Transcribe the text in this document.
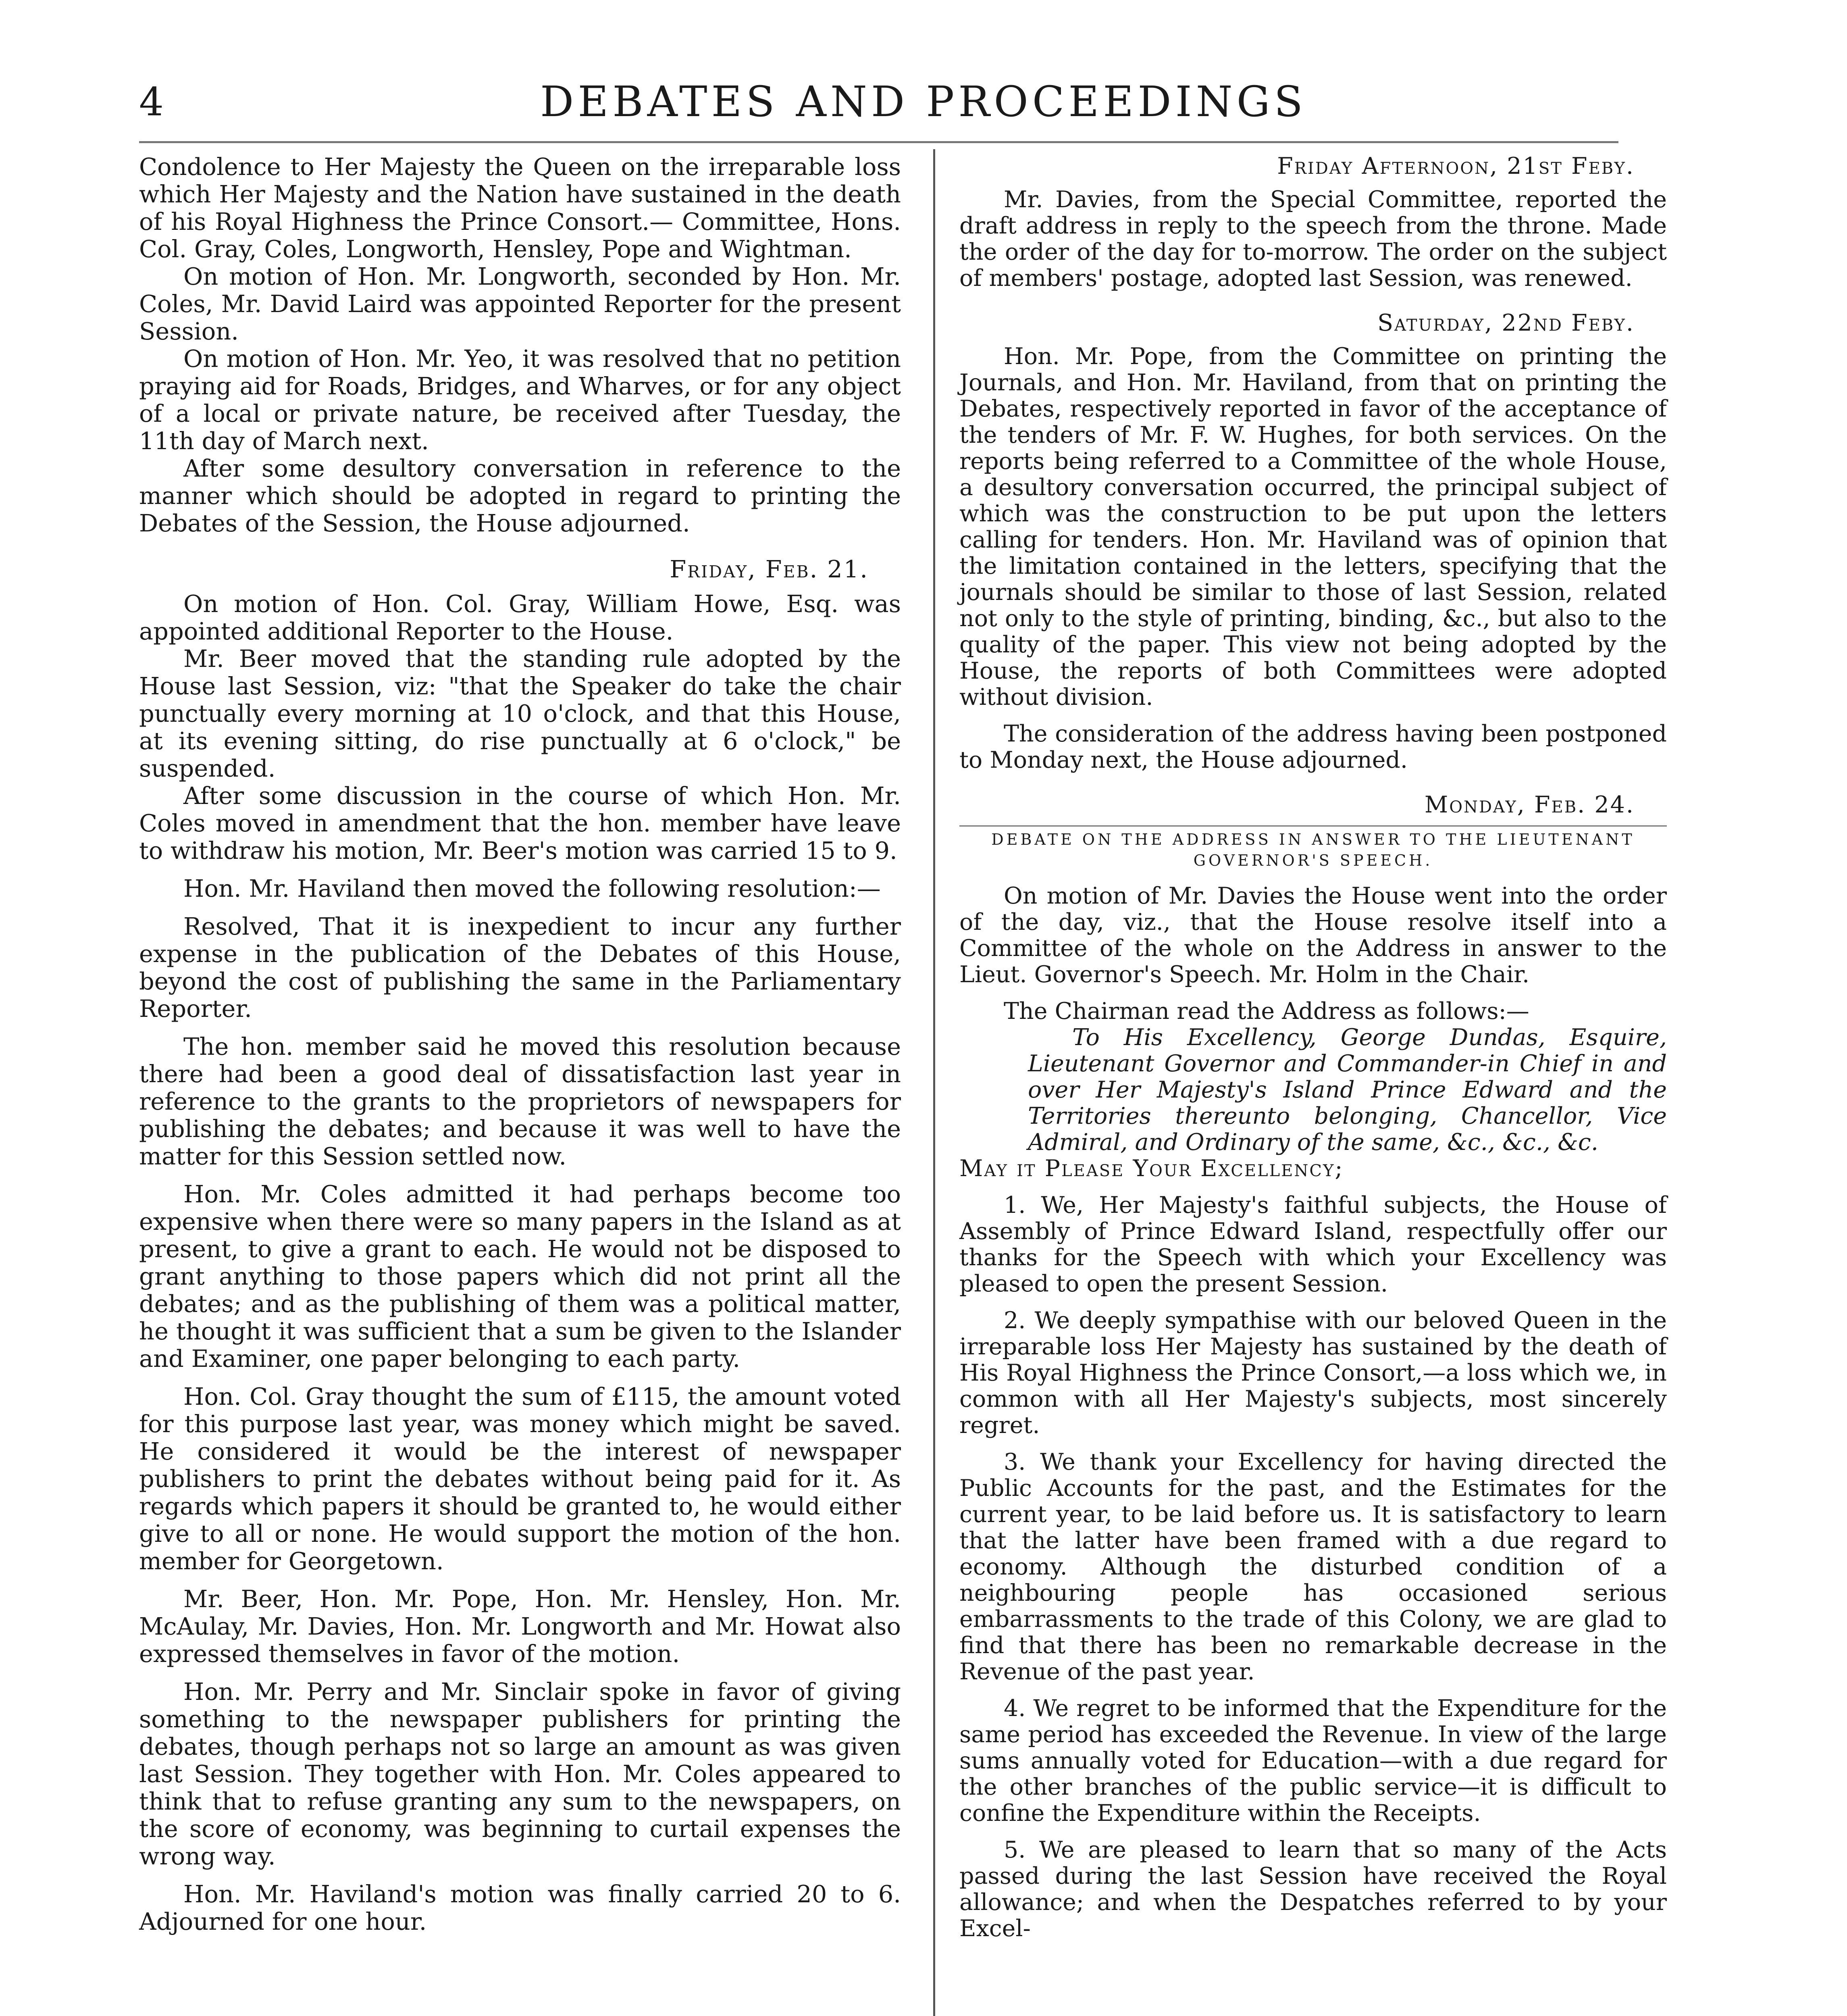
4	DEBATES AND PROCEEDINGS

Condolence to Her Majesty the Queen on the irreparable loss which Her Majesty and the Nation have sustained in the death of his Royal Highness the Prince Consort.— Committee, Hons. Col. Gray, Coles, Longworth, Hensley, Pope and Wightman.

On motion of Hon. Mr. Longworth, seconded by Hon. Mr. Coles, Mr. David Laird was appointed Reporter for the present Session.

On motion of Hon. Mr. Yeo, it was resolved that no petition praying aid for Roads, Bridges, and Wharves, or for any object of a local or private nature, be received after Tuesday, the 11th day of March next.

After some desultory conversation in reference to the manner which should be adopted in regard to printing the Debates of the Session, the House adjourned.

Friday, Feb. 21.

On motion of Hon. Col. Gray, William Howe, Esq. was appointed additional Reporter to the House.

Mr. Beer moved that the standing rule adopted by the House last Session, viz: "that the Speaker do take the chair punctually every morning at 10 o'clock, and that this House, at its evening sitting, do rise punctually at 6 o'clock," be suspended.

After some discussion in the course of which Hon. Mr. Coles moved in amendment that the hon. member have leave to withdraw his motion, Mr. Beer's motion was carried 15 to 9.

Hon. Mr. Haviland then moved the following resolution:—

Resolved, That it is inexpedient to incur any further expense in the publication of the Debates of this House, beyond the cost of publishing the same in the Parliamentary Reporter.

The hon. member said he moved this resolution because there had been a good deal of dissatisfaction last year in reference to the grants to the proprietors of newspapers for publishing the debates; and because it was well to have the matter for this Session settled now.

Hon. Mr. Coles admitted it had perhaps become too expensive when there were so many papers in the Island as at present, to give a grant to each. He would not be disposed to grant anything to those papers which did not print all the debates; and as the publishing of them was a political matter, he thought it was sufficient that a sum be given to the Islander and Examiner, one paper belonging to each party.

Hon. Col. Gray thought the sum of £115, the amount voted for this purpose last year, was money which might be saved. He considered it would be the interest of newspaper publishers to print the debates without being paid for it. As regards which papers it should be granted to, he would either give to all or none. He would support the motion of the hon. member for Georgetown.

Mr. Beer, Hon. Mr. Pope, Hon. Mr. Hensley, Hon. Mr. McAulay, Mr. Davies, Hon. Mr. Longworth and Mr. Howat also expressed themselves in favor of the motion.

Hon. Mr. Perry and Mr. Sinclair spoke in favor of giving something to the newspaper publishers for printing the debates, though perhaps not so large an amount as was given last Session. They together with Hon. Mr. Coles appeared to think that to refuse granting any sum to the newspapers, on the score of economy, was beginning to curtail expenses the wrong way.

Hon. Mr. Haviland's motion was finally carried 20 to 6. Adjourned for one hour.

Friday Afternoon, 21st Feby.

Mr. Davies, from the Special Committee, reported the draft address in reply to the speech from the throne. Made the order of the day for to-morrow. The order on the subject of members' postage, adopted last Session, was renewed.

Saturday, 22nd Feby.

Hon. Mr. Pope, from the Committee on printing the Journals, and Hon. Mr. Haviland, from that on printing the Debates, respectively reported in favor of the acceptance of the tenders of Mr. F. W. Hughes, for both services. On the reports being referred to a Committee of the whole House, a desultory conversation occurred, the principal subject of which was the construction to be put upon the letters calling for tenders. Hon. Mr. Haviland was of opinion that the limitation contained in the letters, specifying that the journals should be similar to those of last Session, related not only to the style of printing, binding, &c., but also to the quality of the paper. This view not being adopted by the House, the reports of both Committees were adopted without division.

The consideration of the address having been postponed to Monday next, the House adjourned.

Monday, Feb. 24.
DEBATE ON THE ADDRESS IN ANSWER TO THE LIEUTENANT GOVERNOR'S SPEECH.

On motion of Mr. Davies the House went into the order of the day, viz., that the House resolve itself into a Committee of the whole on the Address in answer to the Lieut. Governor's Speech. Mr. Holm in the Chair.

The Chairman read the Address as follows:—

To His Excellency, George Dundas, Esquire, Lieutenant Governor and Commander-in Chief in and over Her Majesty's Island Prince Edward and the Territories thereunto belonging, Chancellor, Vice Admiral, and Ordinary of the same, &c., &c., &c.

May it Please Your Excellency;

1. We, Her Majesty's faithful subjects, the House of Assembly of Prince Edward Island, respectfully offer our thanks for the Speech with which your Excellency was pleased to open the present Session.

2. We deeply sympathise with our beloved Queen in the irreparable loss Her Majesty has sustained by the death of His Royal Highness the Prince Consort,—a loss which we, in common with all Her Majesty's subjects, most sincerely regret.

3. We thank your Excellency for having directed the Public Accounts for the past, and the Estimates for the current year, to be laid before us. It is satisfactory to learn that the latter have been framed with a due regard to economy. Although the disturbed condition of a neighbouring people has occasioned serious embarrassments to the trade of this Colony, we are glad to find that there has been no remarkable decrease in the Revenue of the past year.

4. We regret to be informed that the Expenditure for the same period has exceeded the Revenue. In view of the large sums annually voted for Education—with a due regard for the other branches of the public service—it is difficult to confine the Expenditure within the Receipts.

5. We are pleased to learn that so many of the Acts passed during the last Session have received the Royal allowance; and when the Despatches referred to by your Excel-
